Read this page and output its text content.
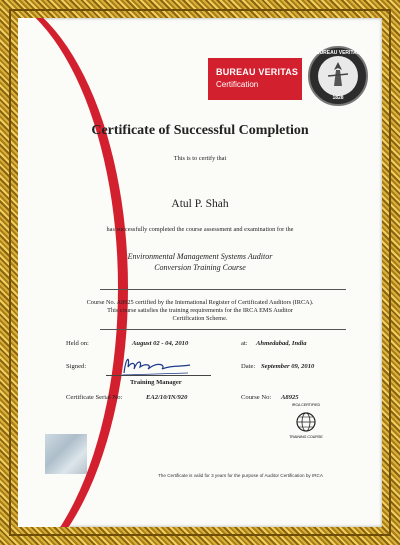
BUREAU VERITAS
Certification
BUREAU VERITAS
1828
Certificate of Successful Completion
This is to certify that
Atul P. Shah
has successfully completed the course assessment and examination for the
Environmental Management Systems Auditor
Conversion Training Course
Course No. A8925 certified by the International Register of Certificated Auditors (IRCA).
This course satisfies the training requirements for the IRCA EMS Auditor
Certification Scheme.
Held on:	August 02 - 04, 2010	at: Ahmedabad, India
Signed:
Training Manager
Date: September 09, 2010
Certificate Serial No:	EA2/10/IN/920	Course No: A8925
IRCA CERTIFIED
TRAINING COURSE
The Certificate is valid for 3 years for the purpose of Auditor Certification by IRCA
